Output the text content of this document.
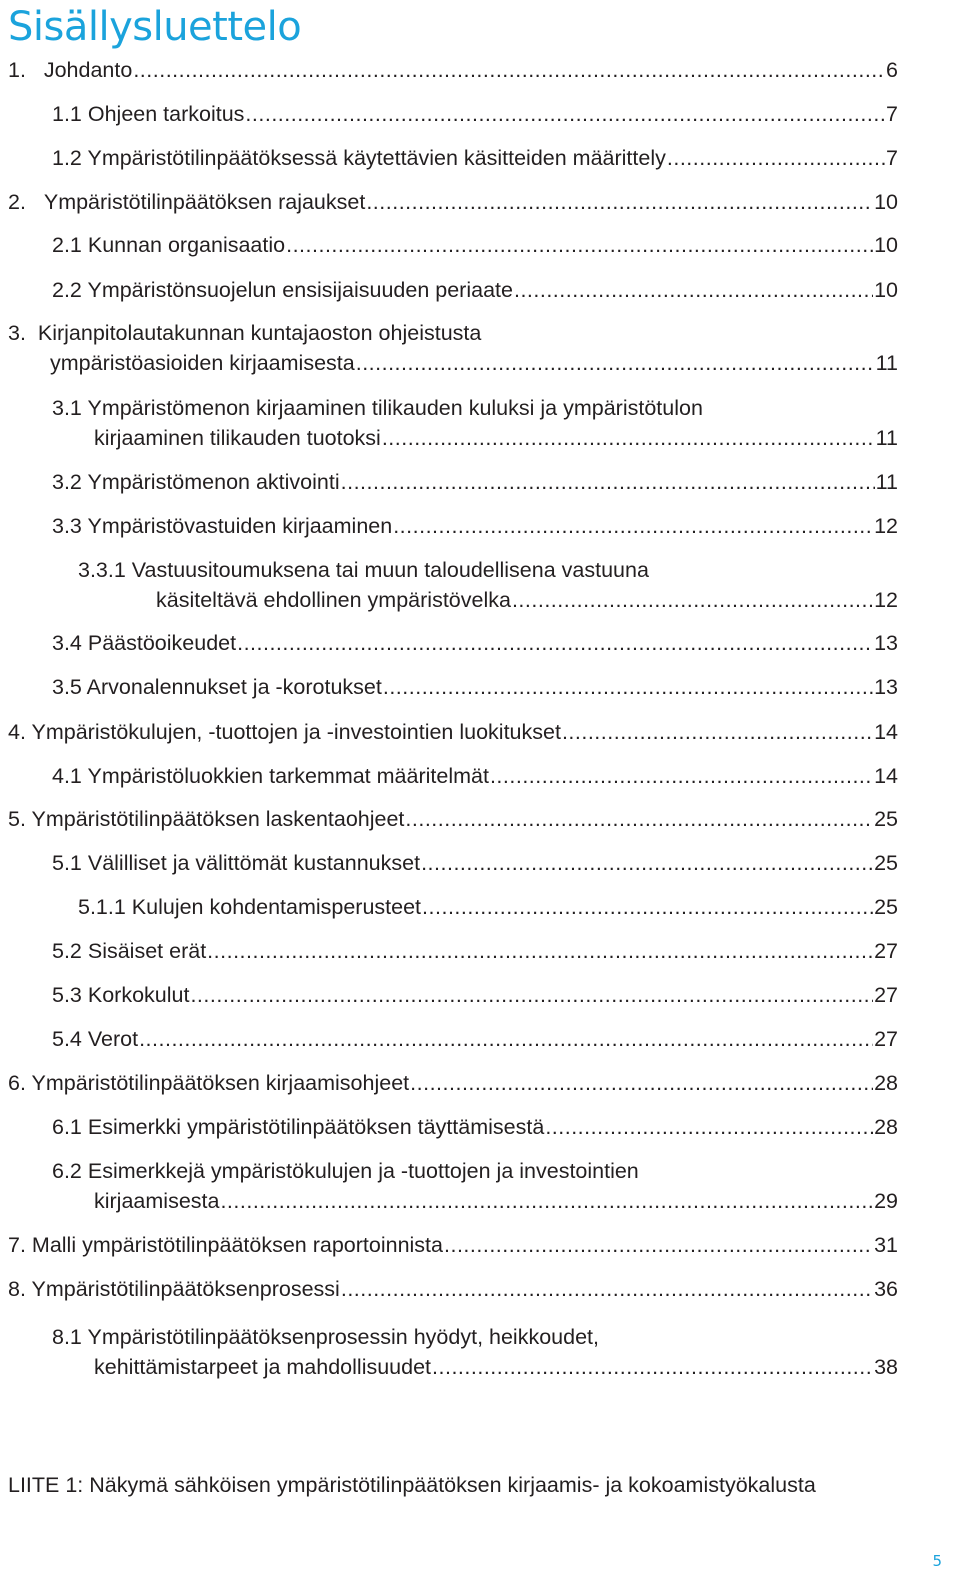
Sisällysluettelo
1.   Johdanto .....	6
1.1 Ohjeen tarkoitus .....	7
1.2 Ympäristötilinpäätöksessä käytettävien käsitteiden määrittely .....	7
2.   Ympäristötilinpäätöksen rajaukset .....	10
2.1 Kunnan organisaatio .....	10
2.2 Ympäristönsuojelun ensisijaisuuden periaate .....	10
3.  Kirjanpitolautakunnan kuntajaoston ohjeistusta
ympäristöasioiden kirjaamisesta .....	11
3.1 Ympäristömenon kirjaaminen tilikauden kuluksi ja ympäristötulon
kirjaaminen tilikauden tuotoksi .....	11
3.2 Ympäristömenon aktivointi .....	11
3.3 Ympäristövastuiden kirjaaminen .....	12
3.3.1 Vastuusitoumuksena tai muun taloudellisena vastuuna
käsiteltävä ehdollinen ympäristövelka .....	12
3.4 Päästöoikeudet .....	13
3.5 Arvonalennukset ja -korotukset .....	13
4. Ympäristökulujen, -tuottojen ja -investointien luokitukset .....	14
4.1 Ympäristöluokkien tarkemmat määritelmät .....	14
5. Ympäristötilinpäätöksen laskentaohjeet .....	25
5.1 Välilliset ja välittömät kustannukset .....	25
5.1.1 Kulujen kohdentamisperusteet .....	25
5.2 Sisäiset erät .....	27
5.3 Korkokulut .....	27
5.4 Verot .....	27
6. Ympäristötilinpäätöksen kirjaamisohjeet .....	28
6.1 Esimerkki ympäristötilinpäätöksen täyttämisestä .....	28
6.2 Esimerkkejä ympäristökulujen ja -tuottojen ja investointien
kirjaamisesta .....	29
7. Malli ympäristötilinpäätöksen raportoinnista .....	31
8. Ympäristötilinpäätöksenprosessi .....	36
8.1 Ympäristötilinpäätöksenprosessin hyödyt, heikkoudet,
kehittämistarpeet ja mahdollisuudet .....	38
LIITE 1: Näkymä sähköisen ympäristötilinpäätöksen kirjaamis- ja kokoamistyökalusta
5
